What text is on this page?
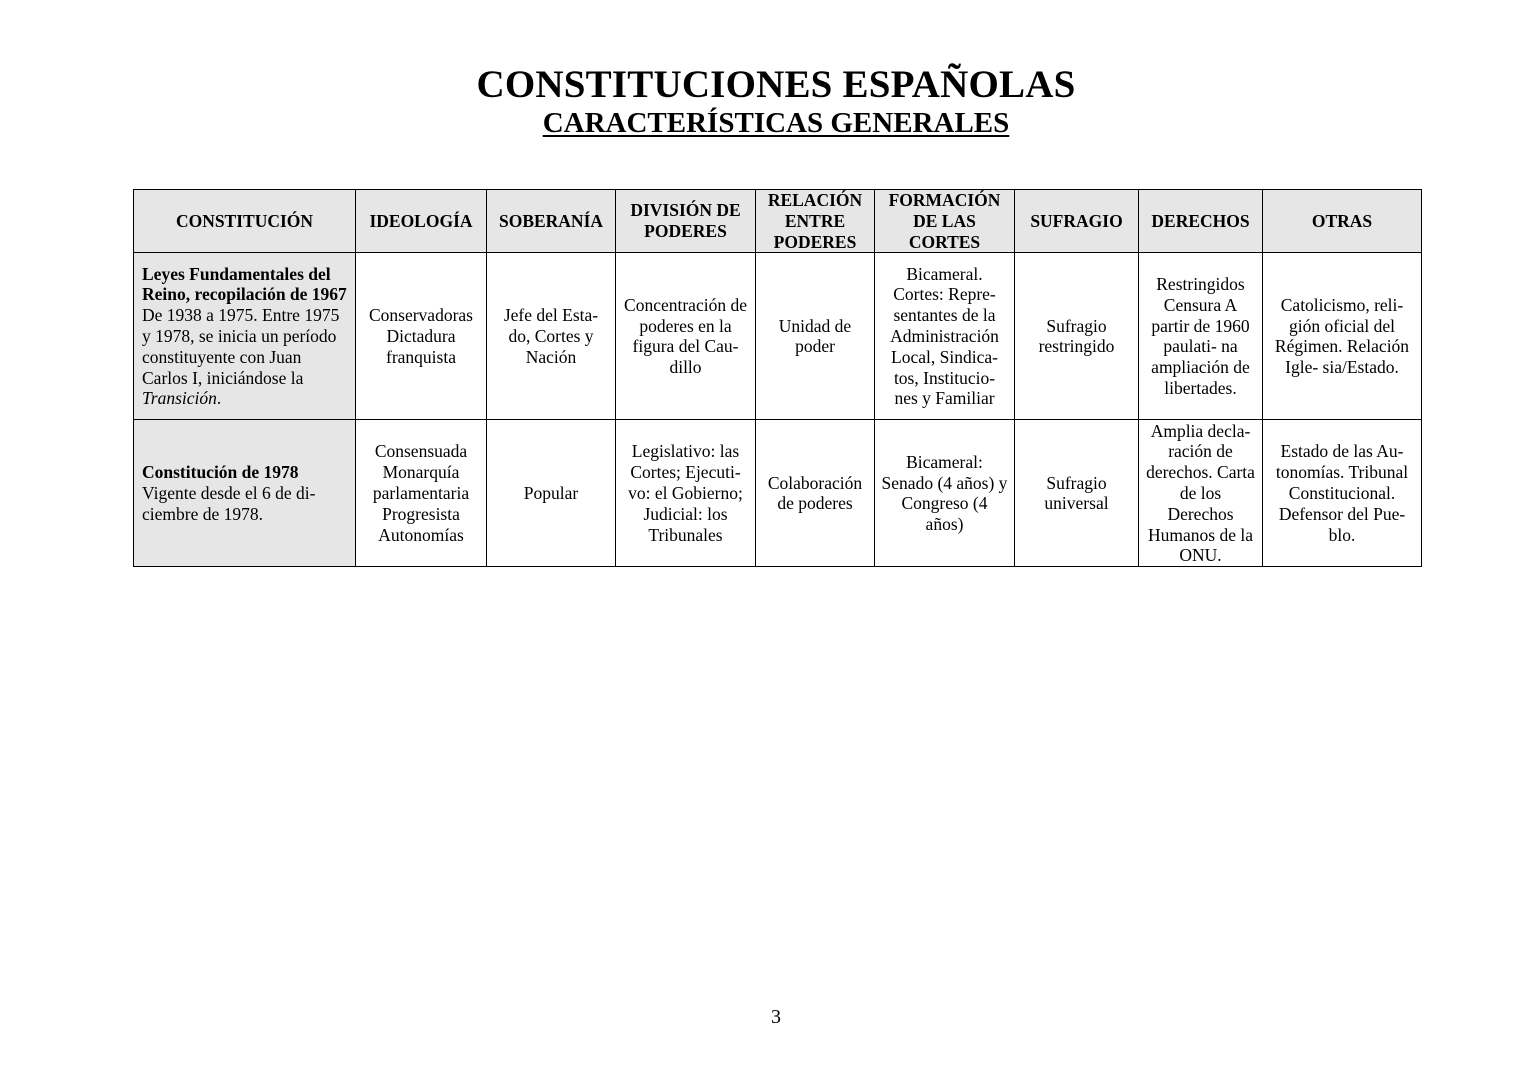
CONSTITUCIONES ESPAÑOLAS
CARACTERÍSTICAS GENERALES
CONSTITUCIÓN	IDEOLOGÍA	SOBERANÍA	DIVISIÓN DE PODERES	RELACIÓN ENTRE PODERES	FORMACIÓN DE LAS CORTES	SUFRAGIO	DERECHOS	OTRAS

Leyes Fundamentales del Reino, recopilación de 1967
De 1938 a 1975. Entre 1975 y 1978, se inicia un período constituyente con Juan Carlos I, iniciándose la Transición.	Conservadoras Dictadura franquista	Jefe del Esta- do, Cortes y Nación	Concentración de poderes en la figura del Cau- dillo	Unidad de poder	Bicameral. Cortes: Repre- sentantes de la Administración Local, Sindica- tos, Institucio- nes y Familiar	Sufragio restringido	Restringidos Censura A partir de 1960 paulati- na ampliación de libertades.	Catolicismo, reli- gión oficial del Régimen. Relación Igle- sia/Estado.

Constitución de 1978
Vigente desde el 6 de di- ciembre de 1978.	Consensuada Monarquía parlamentaria Progresista Autonomías	Popular	Legislativo: las Cortes; Ejecuti- vo: el Gobierno; Judicial: los Tribunales	Colaboración de poderes	Bicameral: Senado (4 años) y Congreso (4 años)	Sufragio universal	Amplia decla- ración de derechos. Carta de los Derechos Humanos de la ONU.	Estado de las Au- tonomías. Tribunal Constitucional. Defensor del Pue- blo.
3
